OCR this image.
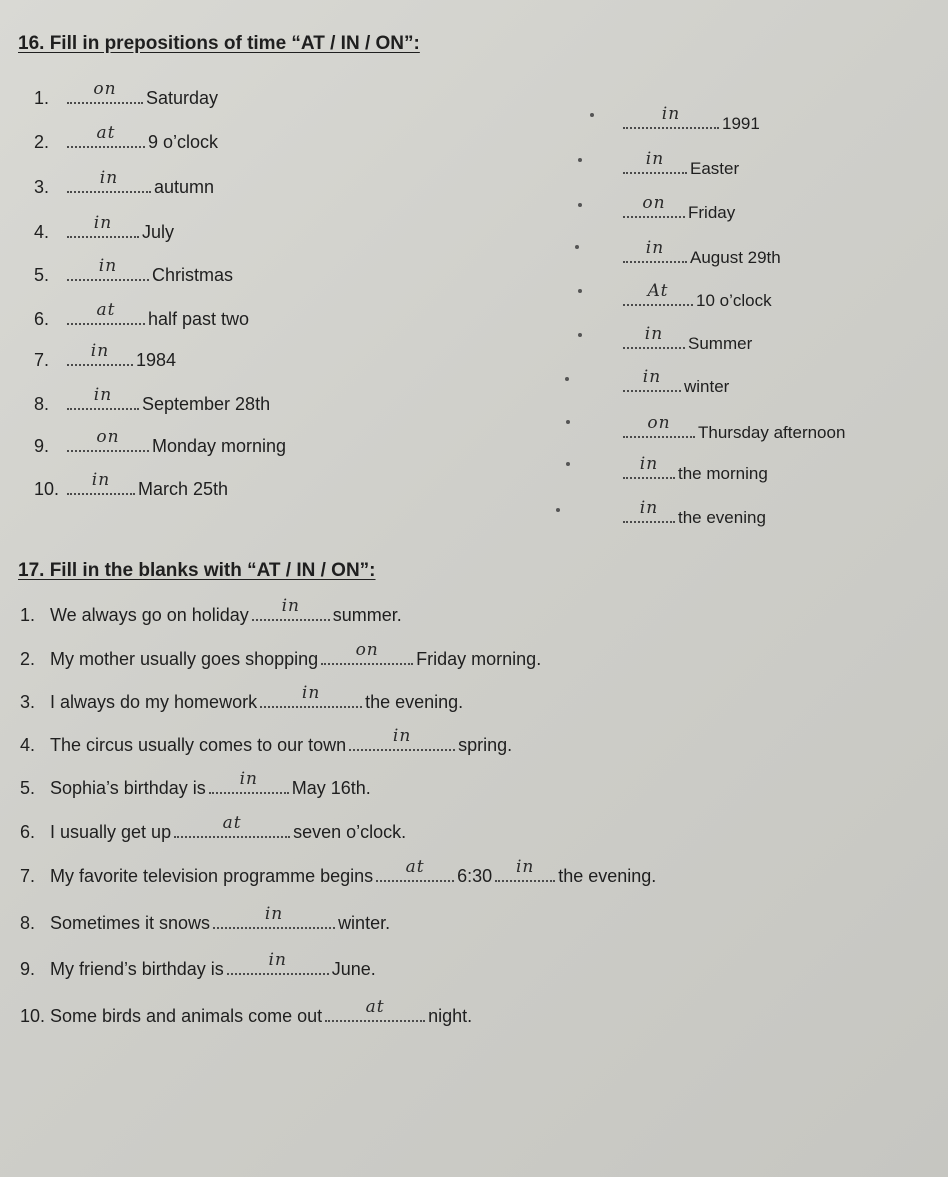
16. Fill in prepositions of time “AT / IN / ON”:
1.	on Saturday
2.	at 9 o’clock
3.	in autumn
4.	in July
5.	in Christmas
6.	at half past two
7. in 1984
8.	in September 28th
9.	on Monday morning
10. in March 25th
in 1991
in Easter
on Friday
in August 29th
At 10 o’clock
in Summer
in winter
on Thursday afternoon
in the morning
in the evening
17. Fill in the blanks with “AT / IN / ON”:
1. We always go on holiday in summer.
2. My mother usually goes shopping on Friday morning.
3. I always do my homework	in the evening.
4. The circus usually comes to our town	in	spring.
5. Sophia’s birthday is in May 16th.
6. I usually get up	at	seven o’clock.
7. My favorite television programme begins at 6:30 in the evening.
8. Sometimes it snows	in	winter.
9. My friend’s birthday is	in June.
10. Some birds and animals come out	at night.
